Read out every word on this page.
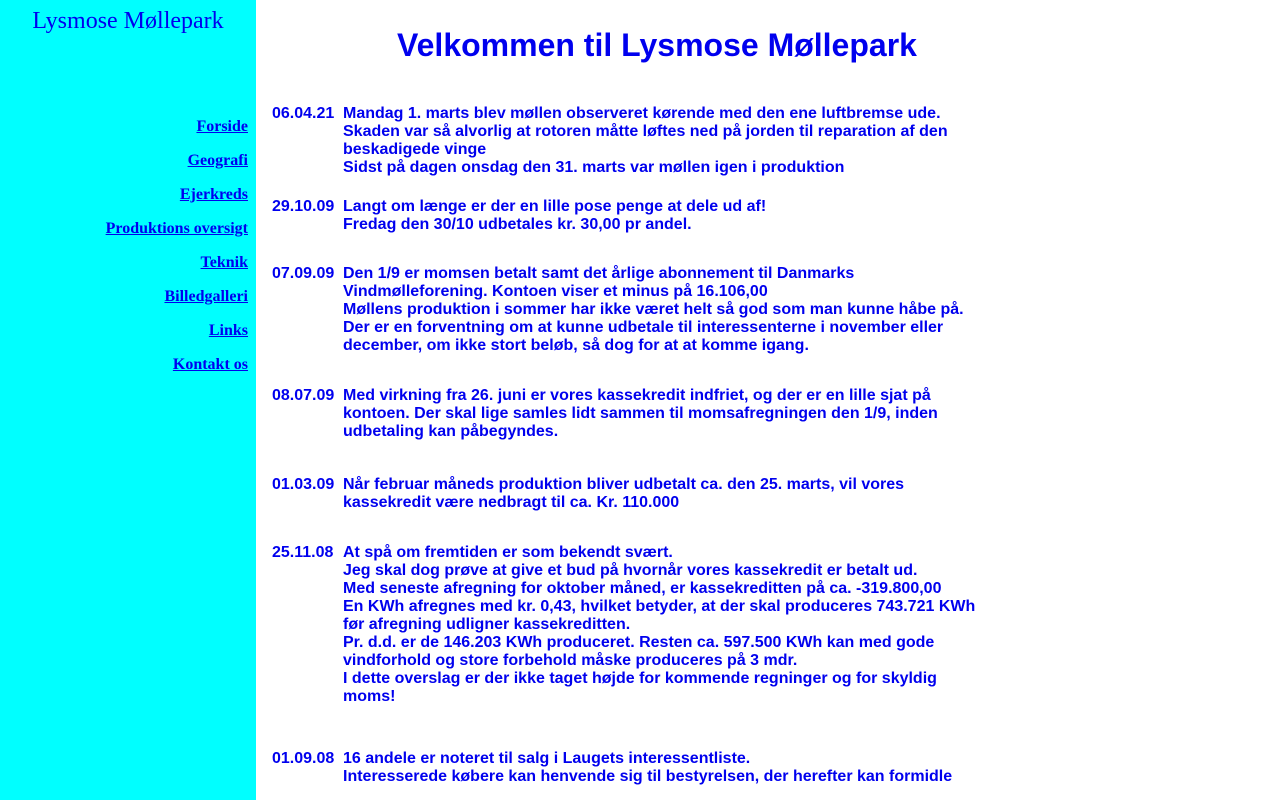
Lysmose Møllepark
Forside
Geografi
Ejerkreds
Produktions oversigt
Teknik
Billedgalleri
Links
Kontakt os
Velkommen til Lysmose Møllepark
06.04.21 Mandag 1. marts blev møllen observeret kørende med den ene luftbremse ude.
Skaden var så alvorlig at rotoren måtte løftes ned på jorden til reparation af den beskadigede vinge
Sidst på dagen onsdag den 31. marts var møllen igen i produktion
29.10.09 Langt om længe er der en lille pose penge at dele ud af!
Fredag den 30/10 udbetales kr. 30,00 pr andel.
07.09.09 Den 1/9 er momsen betalt samt det årlige abonnement til Danmarks Vindmølleforening. Kontoen viser et minus på 16.106,00
Møllens produktion i sommer har ikke været helt så god som man kunne håbe på.
Der er en forventning om at kunne udbetale til interessenterne i november eller december, om ikke stort beløb, så dog for at at komme igang.
08.07.09 Med virkning fra 26. juni er vores kassekredit indfriet, og der er en lille sjat på kontoen. Der skal lige samles lidt sammen til momsafregningen den 1/9, inden udbetaling kan påbegyndes.
01.03.09 Når februar måneds produktion bliver udbetalt ca. den 25. marts, vil vores kassekredit være nedbragt til ca. Kr. 110.000
25.11.08 At spå om fremtiden er som bekendt svært.
Jeg skal dog prøve at give et bud på hvornår vores kassekredit er betalt ud.
Med seneste afregning for oktober måned, er kassekreditten på ca. -319.800,00
En KWh afregnes med kr. 0,43, hvilket betyder, at der skal produceres 743.721 KWh før afregning udligner kassekreditten.
Pr. d.d. er de 146.203 KWh produceret. Resten ca. 597.500 KWh kan med gode vindforhold og store forbehold måske produceres på 3 mdr.
I dette overslag er der ikke taget højde for kommende regninger og for skyldig moms!
01.09.08 16 andele er noteret til salg i Laugets interessentliste.
Interesserede købere kan henvende sig til bestyrelsen, der herefter kan formidle
